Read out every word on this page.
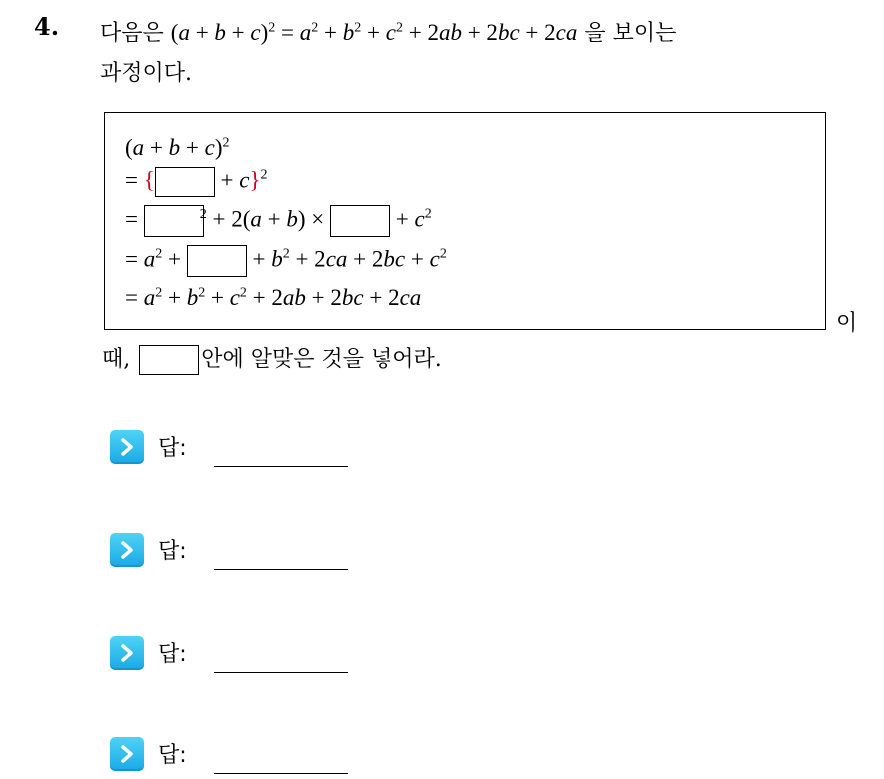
4. 다음은 $(a + b + c)^2 = a^2 + b^2 + c^2 + 2ab + 2bc + 2ca$ 을 보이는
과정이다.
$(a + b + c)^2$
= {	+ c}$^2$
=	$^2$ + 2(a + b) ×	+ $c^2$
= $a^2$ +	+ $b^2 + 2ca + 2bc + c^2$
= $a^2 + b^2 + c^2 + 2ab + 2bc + 2ca$
이
때,	안에 알맞은 것을 넣어라.
답:
답:
답:
답:
